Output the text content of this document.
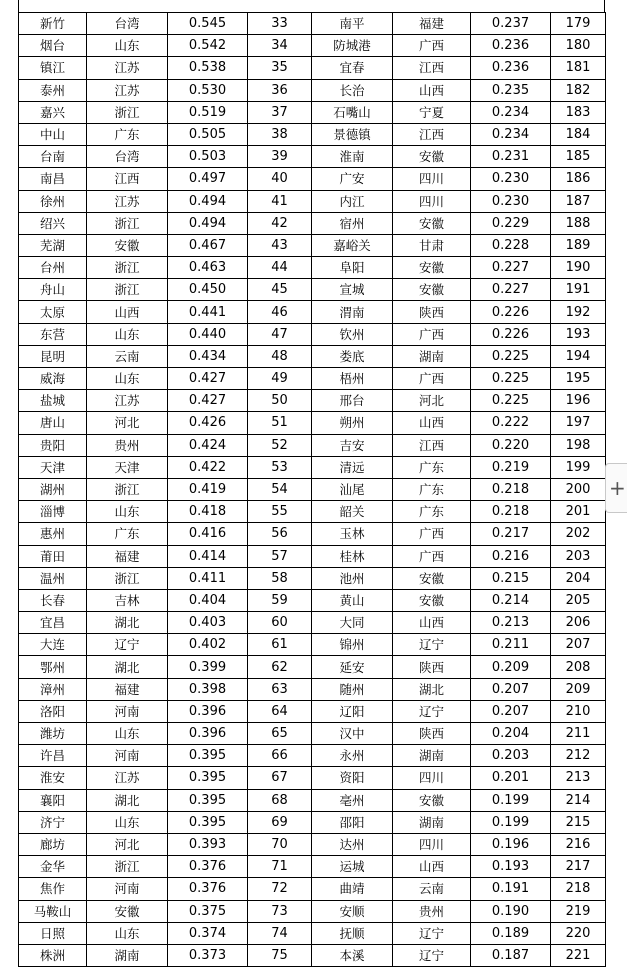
新竹	台湾	0.545	33	南平	福建	0.237	179
烟台	山东	0.542	34	防城港	广西	0.236	180
镇江	江苏	0.538	35	宜春	江西	0.236	181
泰州	江苏	0.530	36	长治	山西	0.235	182
嘉兴	浙江	0.519	37	石嘴山	宁夏	0.234	183
中山	广东	0.505	38	景德镇	江西	0.234	184
台南	台湾	0.503	39	淮南	安徽	0.231	185
南昌	江西	0.497	40	广安	四川	0.230	186
徐州	江苏	0.494	41	内江	四川	0.230	187
绍兴	浙江	0.494	42	宿州	安徽	0.229	188
芜湖	安徽	0.467	43	嘉峪关	甘肃	0.228	189
台州	浙江	0.463	44	阜阳	安徽	0.227	190
舟山	浙江	0.450	45	宣城	安徽	0.227	191
太原	山西	0.441	46	渭南	陕西	0.226	192
东营	山东	0.440	47	钦州	广西	0.226	193
昆明	云南	0.434	48	娄底	湖南	0.225	194
威海	山东	0.427	49	梧州	广西	0.225	195
盐城	江苏	0.427	50	邢台	河北	0.225	196
唐山	河北	0.426	51	朔州	山西	0.222	197
贵阳	贵州	0.424	52	吉安	江西	0.220	198
天津	天津	0.422	53	清远	广东	0.219	199
湖州	浙江	0.419	54	汕尾	广东	0.218	200
淄博	山东	0.418	55	韶关	广东	0.218	201
惠州	广东	0.416	56	玉林	广西	0.217	202
莆田	福建	0.414	57	桂林	广西	0.216	203
温州	浙江	0.411	58	池州	安徽	0.215	204
长春	吉林	0.404	59	黄山	安徽	0.214	205
宜昌	湖北	0.403	60	大同	山西	0.213	206
大连	辽宁	0.402	61	锦州	辽宁	0.211	207
鄂州	湖北	0.399	62	延安	陕西	0.209	208
漳州	福建	0.398	63	随州	湖北	0.207	209
洛阳	河南	0.396	64	辽阳	辽宁	0.207	210
潍坊	山东	0.396	65	汉中	陕西	0.204	211
许昌	河南	0.395	66	永州	湖南	0.203	212
淮安	江苏	0.395	67	资阳	四川	0.201	213
襄阳	湖北	0.395	68	亳州	安徽	0.199	214
济宁	山东	0.395	69	邵阳	湖南	0.199	215
廊坊	河北	0.393	70	达州	四川	0.196	216
金华	浙江	0.376	71	运城	山西	0.193	217
焦作	河南	0.376	72	曲靖	云南	0.191	218
马鞍山	安徽	0.375	73	安顺	贵州	0.190	219
日照	山东	0.374	74	抚顺	辽宁	0.189	220
株洲	湖南	0.373	75	本溪	辽宁	0.187	221
+
